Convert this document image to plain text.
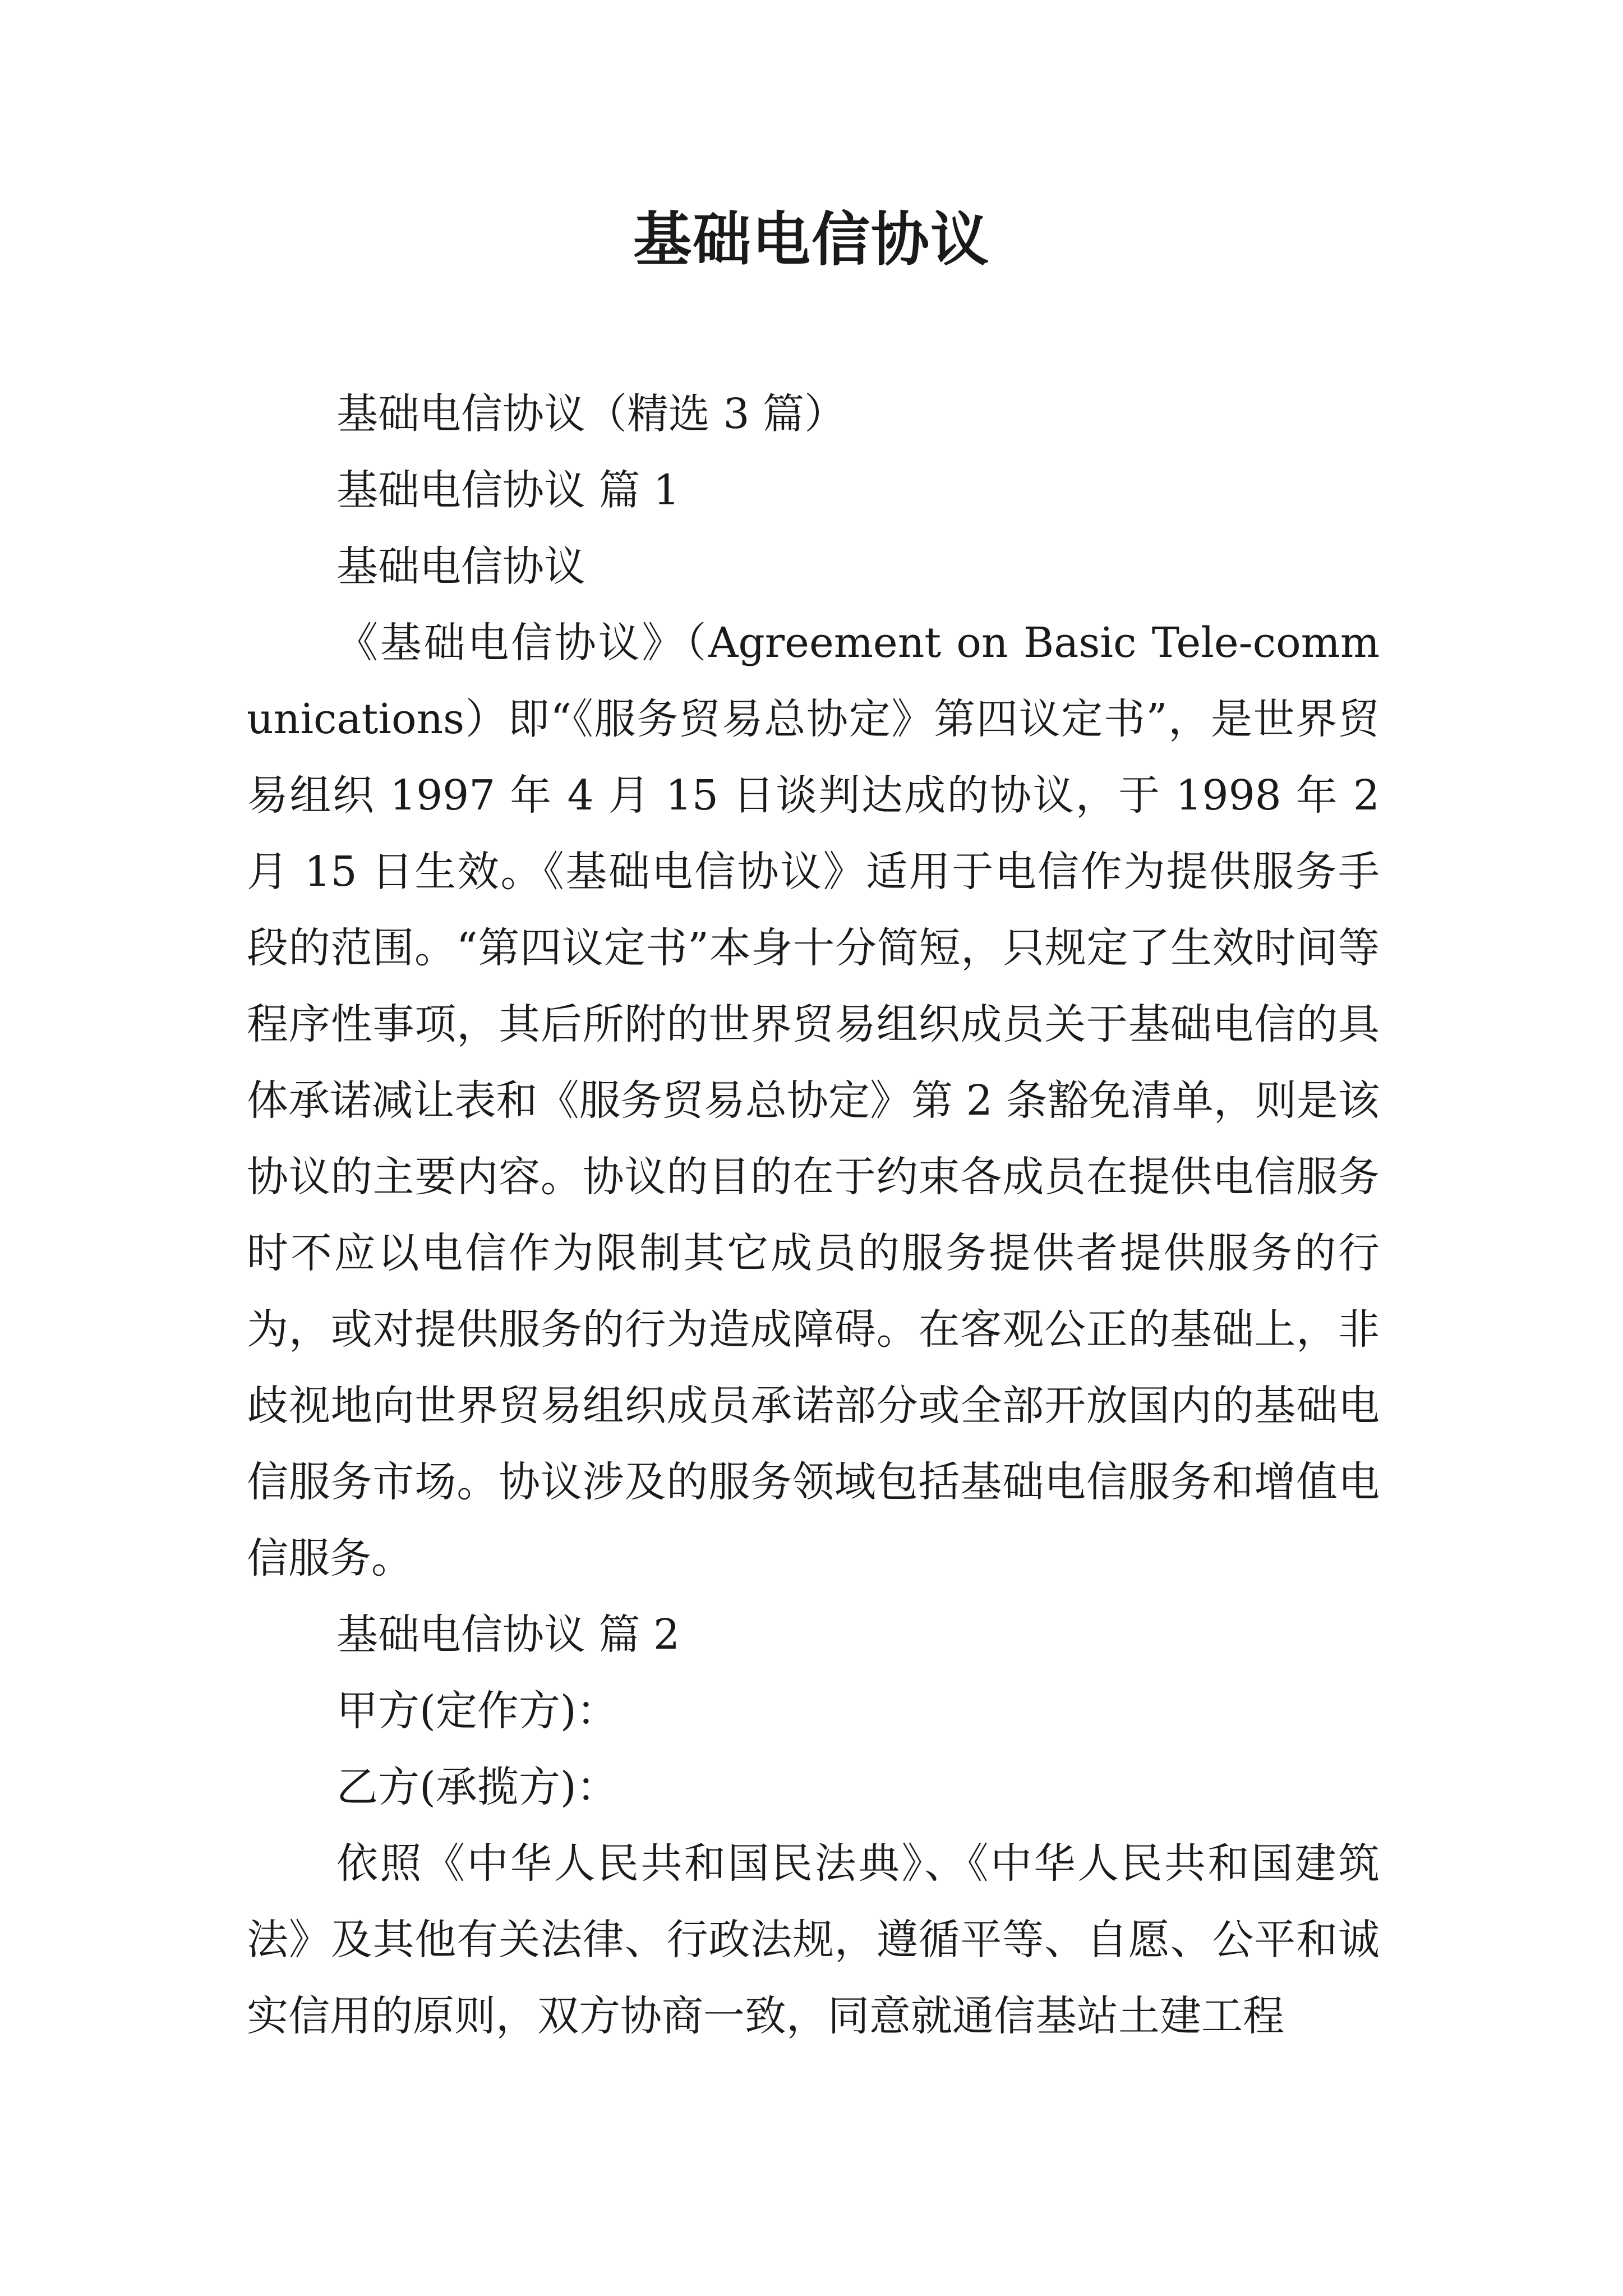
基础电信协议

基础电信协议（精选 3 篇）

基础电信协议 篇 1

基础电信协议

《基础电信协议》（Agreement on Basic Tele-communications）即“《服务贸易总协定》第四议定书”，是世界贸易组织 1997 年 4 月 15 日谈判达成的协议，于 1998 年 2 月 15 日生效。《基础电信协议》适用于电信作为提供服务手段的范围。“第四议定书”本身十分简短，只规定了生效时间等程序性事项，其后所附的世界贸易组织成员关于基础电信的具体承诺减让表和《服务贸易总协定》第 2 条豁免清单，则是该协议的主要内容。协议的目的在于约束各成员在提供电信服务时不应以电信作为限制其它成员的服务提供者提供服务的行为，或对提供服务的行为造成障碍。在客观公正的基础上，非歧视地向世界贸易组织成员承诺部分或全部开放国内的基础电信服务市场。协议涉及的服务领域包括基础电信服务和增值电信服务。

基础电信协议 篇 2

甲方(定作方)：

乙方(承揽方)：

依照《中华人民共和国民法典》、《中华人民共和国建筑法》及其他有关法律、行政法规，遵循平等、自愿、公平和诚实信用的原则，双方协商一致，同意就通信基站土建工程
